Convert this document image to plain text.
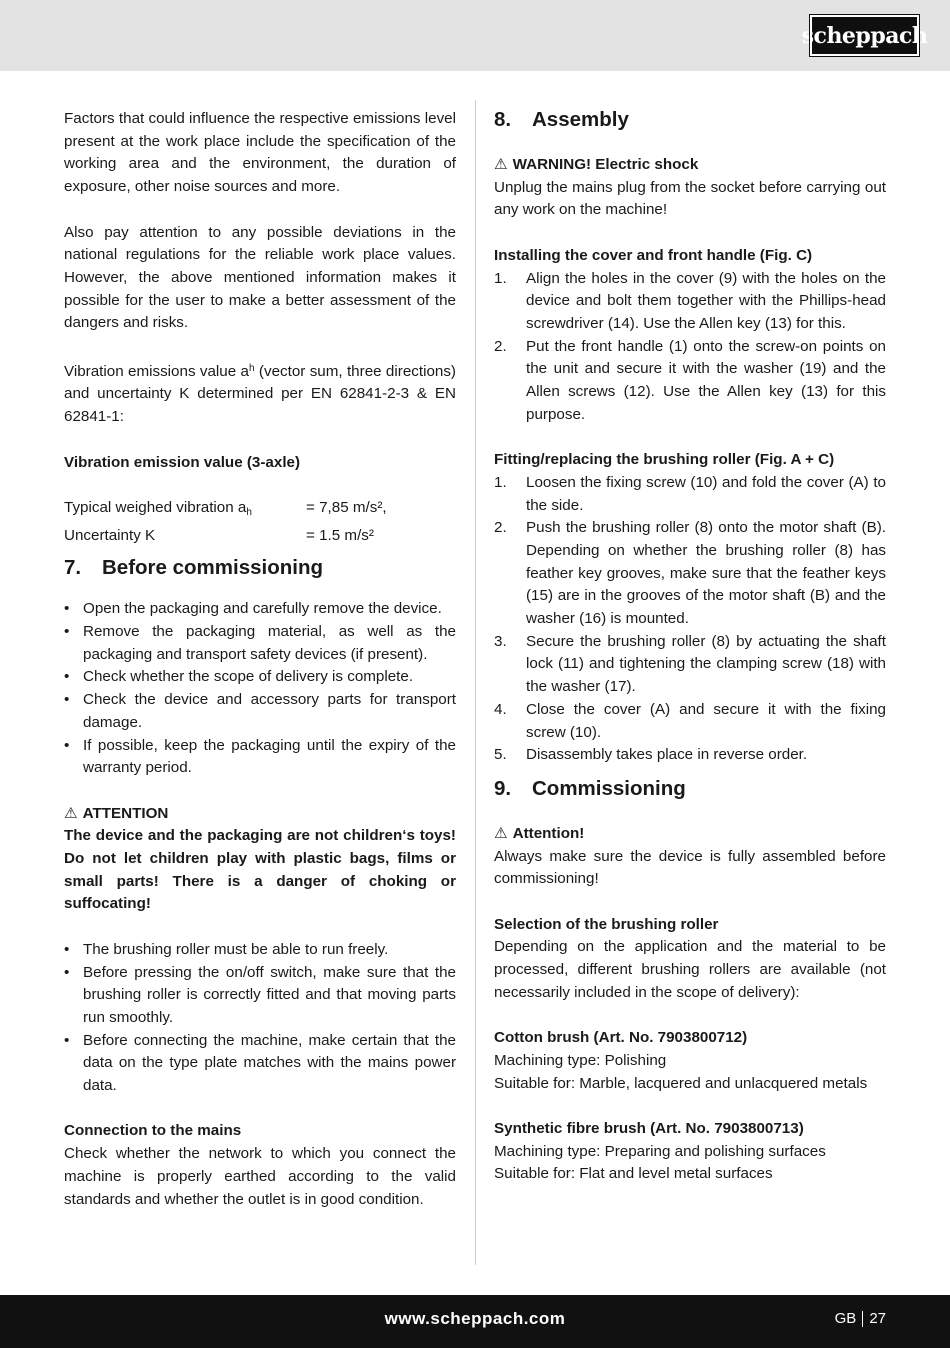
scheppach

Factors that could influence the respective emissions level present at the work place include the specification of the working area and the environment, the duration of exposure, other noise sources and more.

Also pay attention to any possible deviations in the national regulations for the reliable work place values. However, the above mentioned information makes it possible for the user to make a better assessment of the dangers and risks.

Vibration emissions value $a^h$ (vector sum, three directions) and uncertainty K determined per EN 62841-2-3 & EN 62841-1:

Vibration emission value (3-axle)

Typical weighed vibration $a_h$	= 7,85 m/s²,
Uncertainty K	= 1.5 m/s²
7.	Before commissioning
• Open the packaging and carefully remove the device.
• Remove the packaging material, as well as the packaging and transport safety devices (if present).
• Check whether the scope of delivery is complete.
• Check the device and accessory parts for transport damage.
• If possible, keep the packaging until the expiry of the warranty period.

⚠ ATTENTION

The device and the packaging are not children‘s toys! Do not let children play with plastic bags, films or small parts! There is a danger of choking or suffocating!

• The brushing roller must be able to run freely.
• Before pressing the on/off switch, make sure that the brushing roller is correctly fitted and that moving parts run smoothly.
• Before connecting the machine, make certain that the data on the type plate matches with the mains power data.

Connection to the mains

Check whether the network to which you connect the machine is properly earthed according to the valid standards and whether the outlet is in good condition.

8.	Assembly

⚠ WARNING! Electric shock

Unplug the mains plug from the socket before carrying out any work on the machine!

Installing the cover and front handle (Fig. C)

1. Align the holes in the cover (9) with the holes on the device and bolt them together with the Phillips-head screwdriver (14). Use the Allen key (13) for this.
2. Put the front handle (1) onto the screw-on points on the unit and secure it with the washer (19) and the Allen screws (12). Use the Allen key (13) for this purpose.

Fitting/replacing the brushing roller (Fig. A + C)

1. Loosen the fixing screw (10) and fold the cover (A) to the side.
2. Push the brushing roller (8) onto the motor shaft (B). Depending on whether the brushing roller (8) has feather key grooves, make sure that the feather keys (15) are in the grooves of the motor shaft (B) and the washer (16) is mounted.
3. Secure the brushing roller (8) by actuating the shaft lock (11) and tightening the clamping screw (18) with the washer (17).
4. Close the cover (A) and secure it with the fixing screw (10).
5. Disassembly takes place in reverse order.
9.	Commissioning

⚠ Attention!

Always make sure the device is fully assembled before commissioning!

Selection of the brushing roller

Depending on the application and the material to be processed, different brushing rollers are available (not necessarily included in the scope of delivery):

Cotton brush (Art. No. 7903800712)

Machining type: Polishing

Suitable for: Marble, lacquered and unlacquered metals

Synthetic fibre brush (Art. No. 7903800713)

Machining type: Preparing and polishing surfaces

Suitable for: Flat and level metal surfaces

www.scheppach.com	GB 27
